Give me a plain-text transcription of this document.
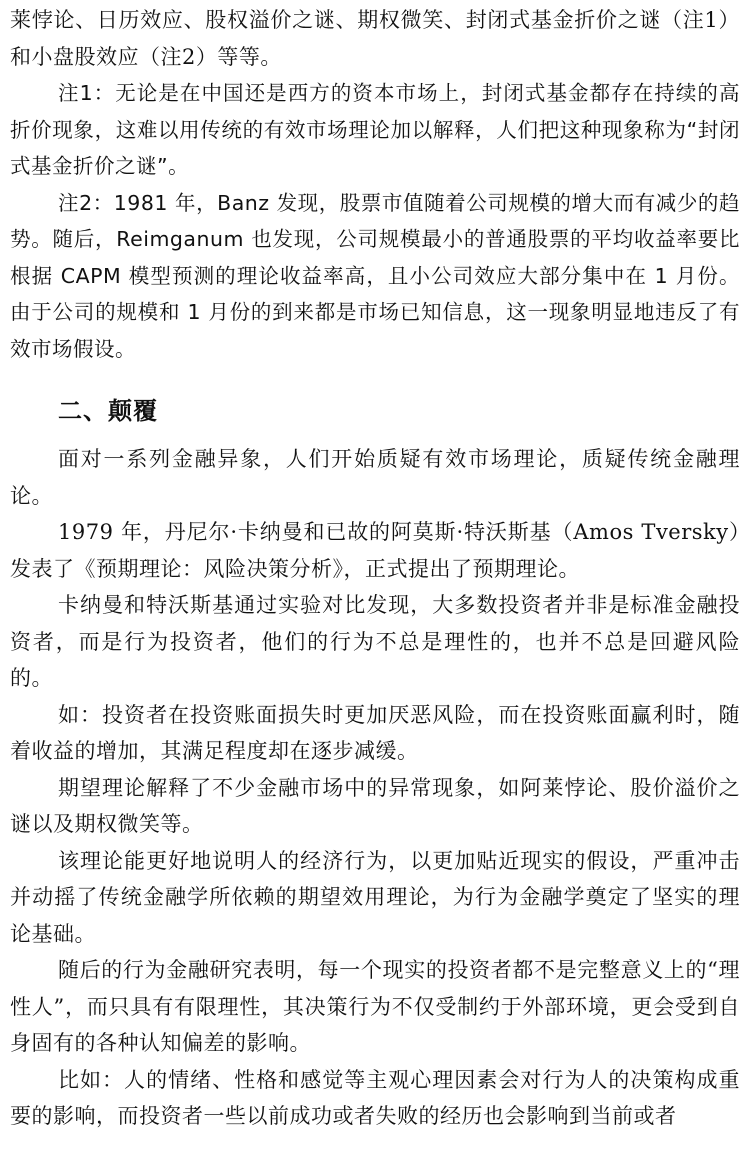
莱悖论、日历效应、股权溢价之谜、期权微笑、封闭式基金折价之谜（注1）和小盘股效应（注2）等等。

注1：无论是在中国还是西方的资本市场上，封闭式基金都存在持续的高折价现象，这难以用传统的有效市场理论加以解释，人们把这种现象称为“封闭式基金折价之谜”。

注2：1981 年，Banz 发现，股票市值随着公司规模的增大而有减少的趋势。随后，Reimganum 也发现，公司规模最小的普通股票的平均收益率要比根据 CAPM 模型预测的理论收益率高，且小公司效应大部分集中在 1 月份。由于公司的规模和 1 月份的到来都是市场已知信息，这一现象明显地违反了有效市场假设。

二、颠覆

面对一系列金融异象，人们开始质疑有效市场理论，质疑传统金融理论。

1979 年，丹尼尔·卡纳曼和已故的阿莫斯·特沃斯基（Amos Tversky）发表了《预期理论：风险决策分析》，正式提出了预期理论。

卡纳曼和特沃斯基通过实验对比发现，大多数投资者并非是标准金融投资者，而是行为投资者，他们的行为不总是理性的，也并不总是回避风险的。

如：投资者在投资账面损失时更加厌恶风险，而在投资账面赢利时，随着收益的增加，其满足程度却在逐步减缓。

期望理论解释了不少金融市场中的异常现象，如阿莱悖论、股价溢价之谜以及期权微笑等。

该理论能更好地说明人的经济行为，以更加贴近现实的假设，严重冲击并动摇了传统金融学所依赖的期望效用理论，为行为金融学奠定了坚实的理论基础。

随后的行为金融研究表明，每一个现实的投资者都不是完整意义上的“理性人”，而只具有有限理性，其决策行为不仅受制约于外部环境，更会受到自身固有的各种认知偏差的影响。

比如：人的情绪、性格和感觉等主观心理因素会对行为人的决策构成重要的影响，而投资者一些以前成功或者失败的经历也会影响到当前或者
